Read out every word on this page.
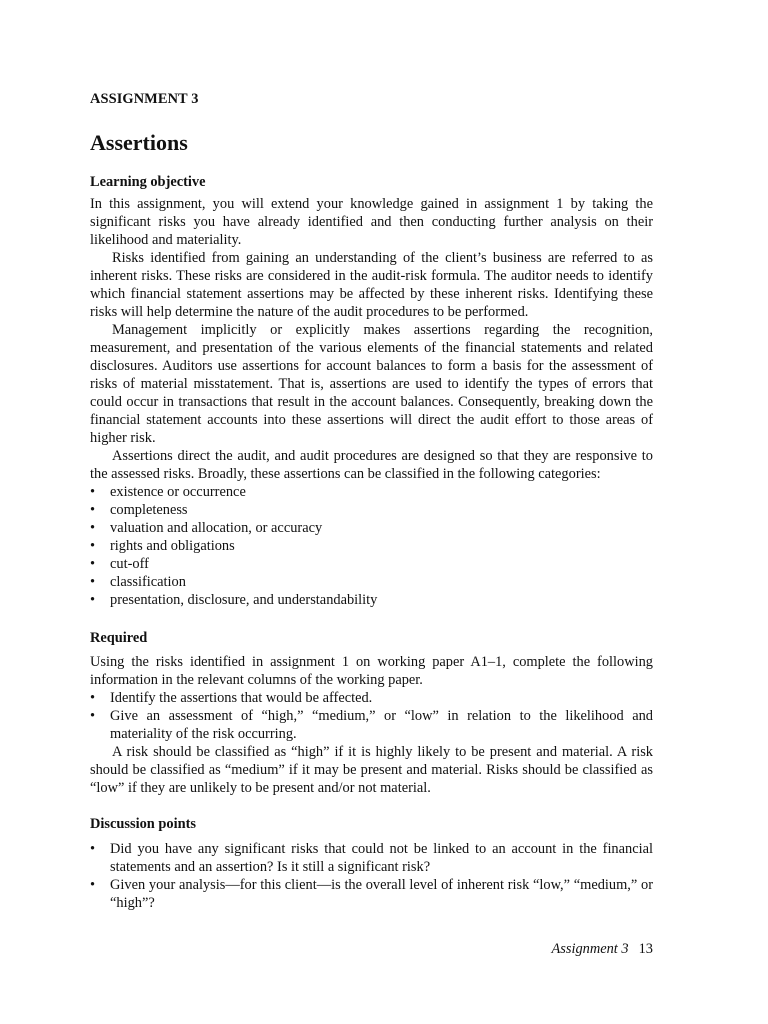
ASSIGNMENT 3
Assertions
Learning objective

In this assignment, you will extend your knowledge gained in assignment 1 by taking the significant risks you have already identified and then conducting further analysis on their likelihood and materiality.

Risks identified from gaining an understanding of the client’s business are referred to as inherent risks. These risks are considered in the audit-risk formula. The auditor needs to identify which financial statement assertions may be affected by these inherent risks. Identifying these risks will help determine the nature of the audit procedures to be performed.

Management implicitly or explicitly makes assertions regarding the recognition, measurement, and presentation of the various elements of the financial statements and related disclosures. Auditors use assertions for account balances to form a basis for the assessment of risks of material misstatement. That is, assertions are used to identify the types of errors that could occur in transactions that result in the account balances. Consequently, breaking down the financial statement accounts into these assertions will direct the audit effort to those areas of higher risk.

Assertions direct the audit, and audit procedures are designed so that they are responsive to the assessed risks. Broadly, these assertions can be classified in the following categories:

• existence or occurrence
• completeness
• valuation and allocation, or accuracy
• rights and obligations
• cut-off
• classification
• presentation, disclosure, and understandability
Required

Using the risks identified in assignment 1 on working paper A1–1, complete the following information in the relevant columns of the working paper.

• Identify the assertions that would be affected.
• Give an assessment of “high,” “medium,” or “low” in relation to the likelihood and materiality of the risk occurring.

A risk should be classified as “high” if it is highly likely to be present and material. A risk should be classified as “medium” if it may be present and material. Risks should be classified as “low” if they are unlikely to be present and/or not material.

Discussion points
• Did you have any significant risks that could not be linked to an account in the financial statements and an assertion? Is it still a significant risk?
• Given your analysis—for this client—is the overall level of inherent risk “low,” “medium,” or “high”?
Assignment 3 13
